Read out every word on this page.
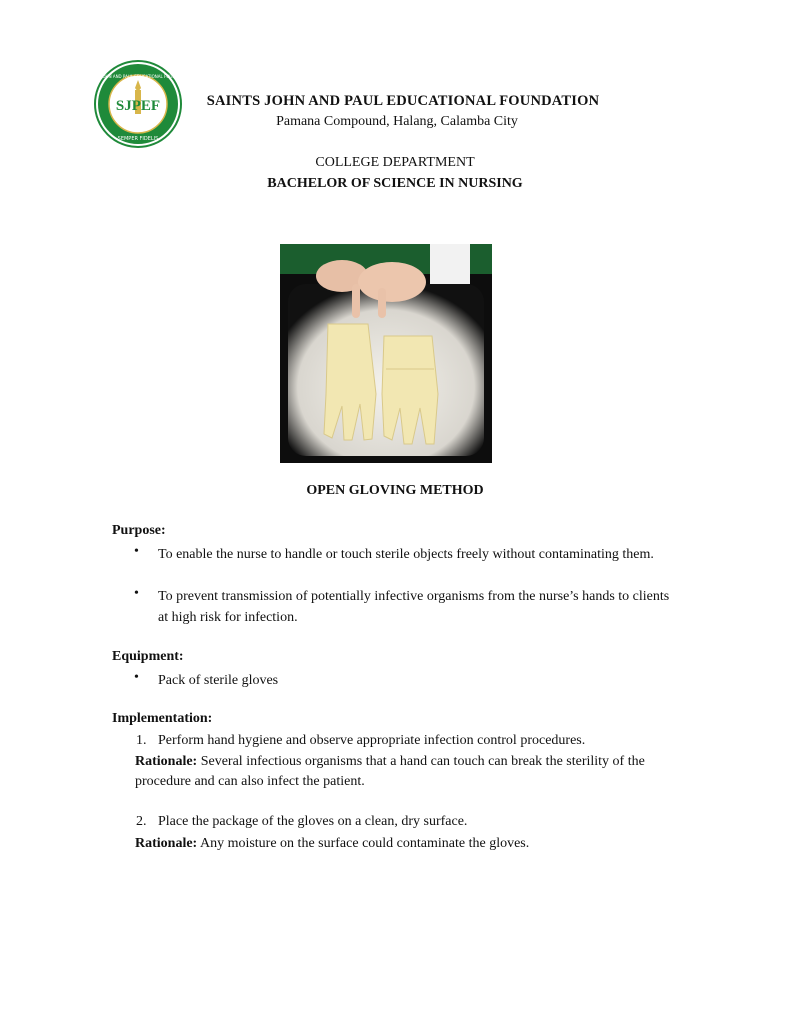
SAINTS JOHN AND PAUL EDUCATIONAL FOUNDATION
SJPEF
SEMPER FIDELIS
SAINTS JOHN AND PAUL EDUCATIONAL FOUNDATION
Pamana Compound, Halang, Calamba City
COLLEGE DEPARTMENT
BACHELOR OF SCIENCE IN NURSING
OPEN GLOVING METHOD
Purpose:
• To enable the nurse to handle or touch sterile objects freely without contaminating them.
• To prevent transmission of potentially infective organisms from the nurse’s hands to clients at high risk for infection.
Equipment:
• Pack of sterile gloves
Implementation:
1. Perform hand hygiene and observe appropriate infection control procedures.
Rationale: Several infectious organisms that a hand can touch can break the sterility of the procedure and can also infect the patient.
2. Place the package of the gloves on a clean, dry surface.
Rationale: Any moisture on the surface could contaminate the gloves.
